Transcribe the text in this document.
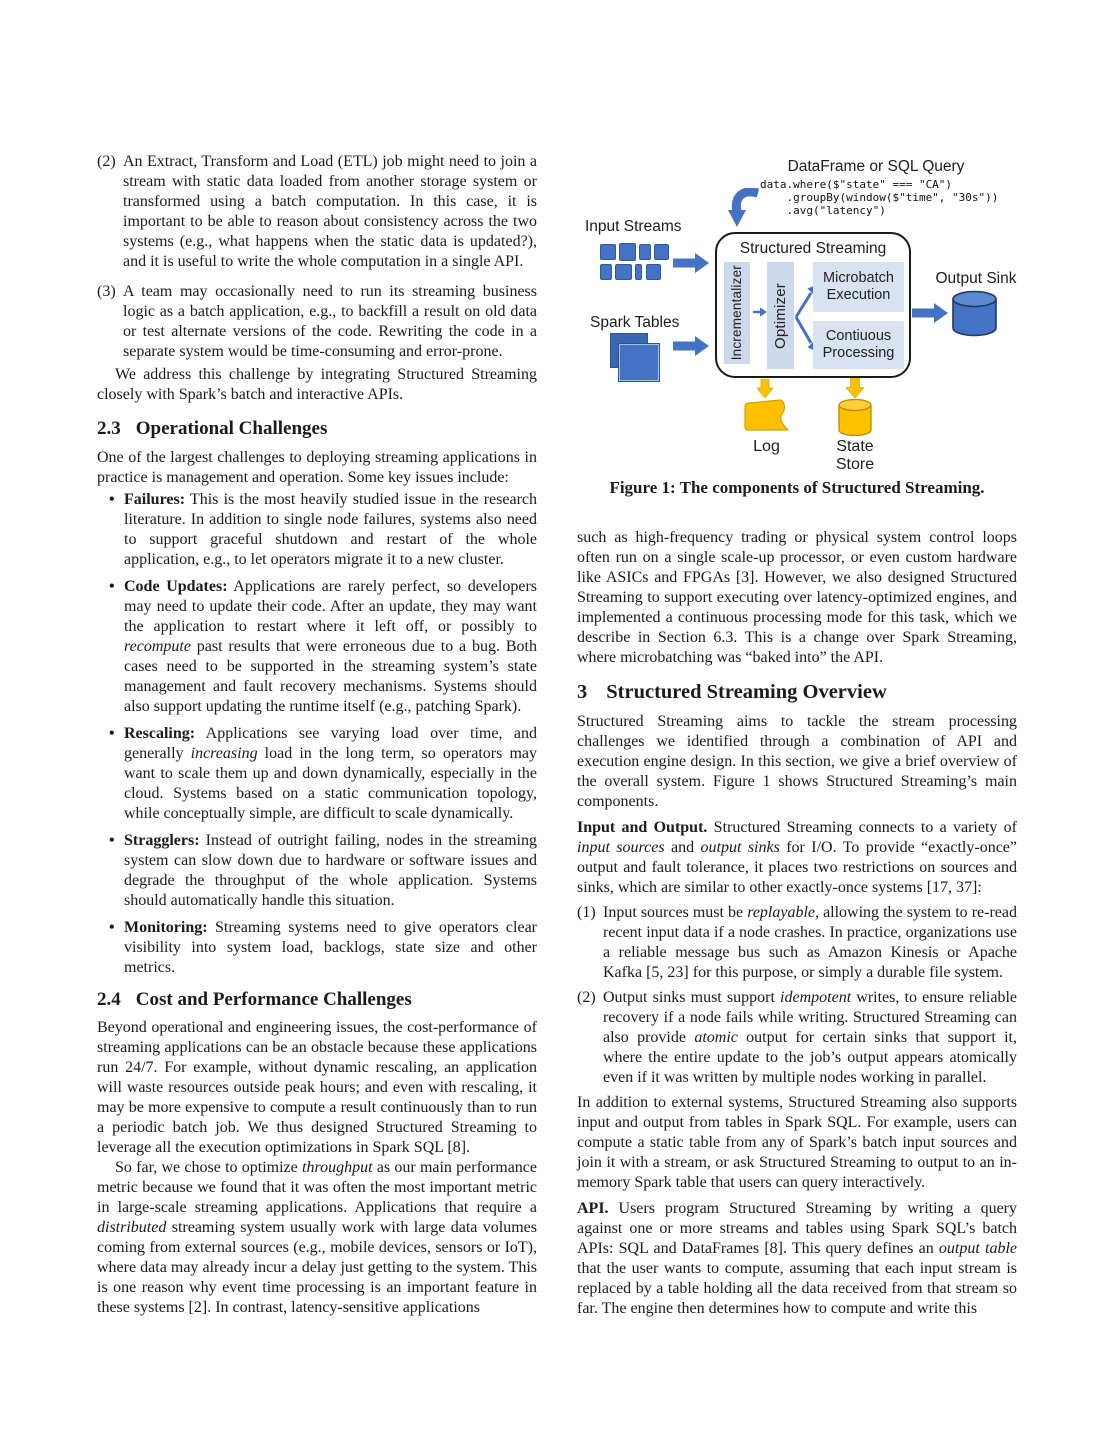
(2) An Extract, Transform and Load (ETL) job might need to join a stream with static data loaded from another storage system or transformed using a batch computation. In this case, it is important to be able to reason about consistency across the two systems (e.g., what happens when the static data is updated?), and it is useful to write the whole computation in a single API.

(3) A team may occasionally need to run its streaming business logic as a batch application, e.g., to backfill a result on old data or test alternate versions of the code. Rewriting the code in a separate system would be time-consuming and error-prone.

We address this challenge by integrating Structured Streaming closely with Spark’s batch and interactive APIs.

2.3 Operational Challenges

One of the largest challenges to deploying streaming applications in practice is management and operation. Some key issues include:

• Failures: This is the most heavily studied issue in the research literature. In addition to single node failures, systems also need to support graceful shutdown and restart of the whole application, e.g., to let operators migrate it to a new cluster.
• Code Updates: Applications are rarely perfect, so developers may need to update their code. After an update, they may want the application to restart where it left off, or possibly to recompute past results that were erroneous due to a bug. Both cases need to be supported in the streaming system’s state management and fault recovery mechanisms. Systems should also support updating the runtime itself (e.g., patching Spark).
• Rescaling: Applications see varying load over time, and generally increasing load in the long term, so operators may want to scale them up and down dynamically, especially in the cloud. Systems based on a static communication topology, while conceptually simple, are difficult to scale dynamically.
• Stragglers: Instead of outright failing, nodes in the streaming system can slow down due to hardware or software issues and degrade the throughput of the whole application. Systems should automatically handle this situation.
• Monitoring: Streaming systems need to give operators clear visibility into system load, backlogs, state size and other metrics.
2.4 Cost and Performance Challenges

Beyond operational and engineering issues, the cost-performance of streaming applications can be an obstacle because these applications run 24/7. For example, without dynamic rescaling, an application will waste resources outside peak hours; and even with rescaling, it may be more expensive to compute a result continuously than to run a periodic batch job. We thus designed Structured Streaming to leverage all the execution optimizations in Spark SQL [8].

So far, we chose to optimize throughput as our main performance metric because we found that it was often the most important metric in large-scale streaming applications. Applications that require a distributed streaming system usually work with large data volumes coming from external sources (e.g., mobile devices, sensors or IoT), where data may already incur a delay just getting to the system. This is one reason why event time processing is an important feature in these systems [2]. In contrast, latency-sensitive applications

DataFrame or SQL Query
data.where($"state" === "CA")
.groupBy(window($"time", "30s"))
.avg("latency")
Input Streams
Spark Tables
Structured Streaming
Incrementalizer Optimizer
Microbatch Execution
Contiuous Processing
Output Sink
Log	State Store
Figure 1: The components of Structured Streaming.

such as high-frequency trading or physical system control loops often run on a single scale-up processor, or even custom hardware like ASICs and FPGAs [3]. However, we also designed Structured Streaming to support executing over latency-optimized engines, and implemented a continuous processing mode for this task, which we describe in Section 6.3. This is a change over Spark Streaming, where microbatching was “baked into” the API.

3 Structured Streaming Overview

Structured Streaming aims to tackle the stream processing challenges we identified through a combination of API and execution engine design. In this section, we give a brief overview of the overall system. Figure 1 shows Structured Streaming’s main components.

Input and Output. Structured Streaming connects to a variety of input sources and output sinks for I/O. To provide “exactly-once” output and fault tolerance, it places two restrictions on sources and sinks, which are similar to other exactly-once systems [17, 37]:

(1) Input sources must be replayable, allowing the system to re-read recent input data if a node crashes. In practice, organizations use a reliable message bus such as Amazon Kinesis or Apache Kafka [5, 23] for this purpose, or simply a durable file system.

(2) Output sinks must support idempotent writes, to ensure reliable recovery if a node fails while writing. Structured Streaming can also provide atomic output for certain sinks that support it, where the entire update to the job’s output appears atomically even if it was written by multiple nodes working in parallel.

In addition to external systems, Structured Streaming also supports input and output from tables in Spark SQL. For example, users can compute a static table from any of Spark’s batch input sources and join it with a stream, or ask Structured Streaming to output to an in-memory Spark table that users can query interactively.

API. Users program Structured Streaming by writing a query against one or more streams and tables using Spark SQL’s batch APIs: SQL and DataFrames [8]. This query defines an output table that the user wants to compute, assuming that each input stream is replaced by a table holding all the data received from that stream so far. The engine then determines how to compute and write this
